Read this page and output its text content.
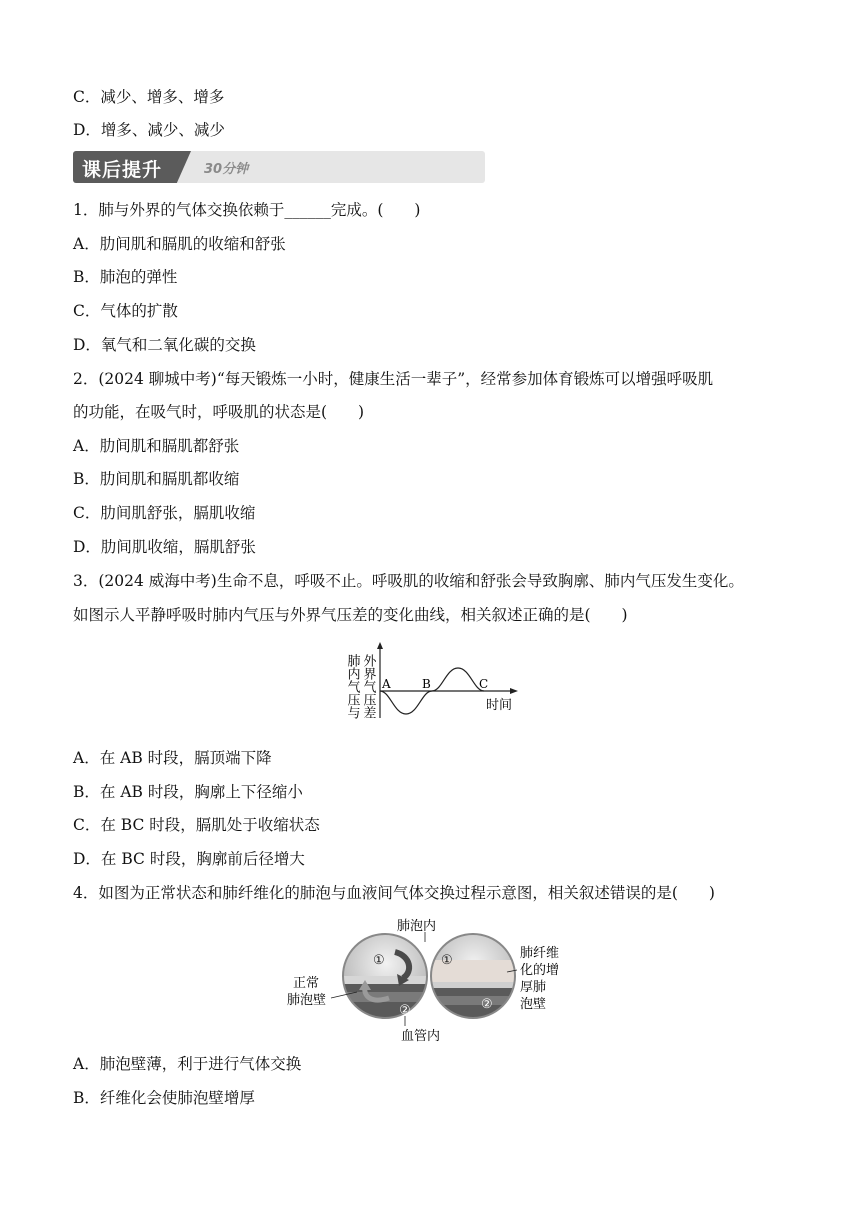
C．减少、增多、增多
D．增多、减少、减少
课后提升	30分钟
1．肺与外界的气体交换依赖于______完成。(　　)
A．肋间肌和膈肌的收缩和舒张
B．肺泡的弹性
C．气体的扩散
D．氧气和二氧化碳的交换
2．(2024 聊城中考)“每天锻炼一小时，健康生活一辈子”，经常参加体育锻炼可以增强呼吸肌
的功能，在吸气时，呼吸肌的状态是(　　)
A．肋间肌和膈肌都舒张
B．肋间肌和膈肌都收缩
C．肋间肌舒张，膈肌收缩
D．肋间肌收缩，膈肌舒张
3．(2024 威海中考)生命不息，呼吸不止。呼吸肌的收缩和舒张会导致胸廓、肺内气压发生变化。
如图示人平静呼吸时肺内气压与外界气压差的变化曲线，相关叙述正确的是(　　)
肺内气压与 外界气压差 A	B	C
时间
A．在 AB 时段，膈顶端下降
B．在 AB 时段，胸廓上下径缩小
C．在 BC 时段，膈肌处于收缩状态
D．在 BC 时段，胸廓前后径增大
4．如图为正常状态和肺纤维化的肺泡与血液间气体交换过程示意图，相关叙述错误的是(　　)
①
②
①
②
肺泡内
血管内
正常
肺泡壁
肺纤维
化的增
厚肺
泡壁
A．肺泡壁薄，利于进行气体交换
B．纤维化会使肺泡壁增厚
